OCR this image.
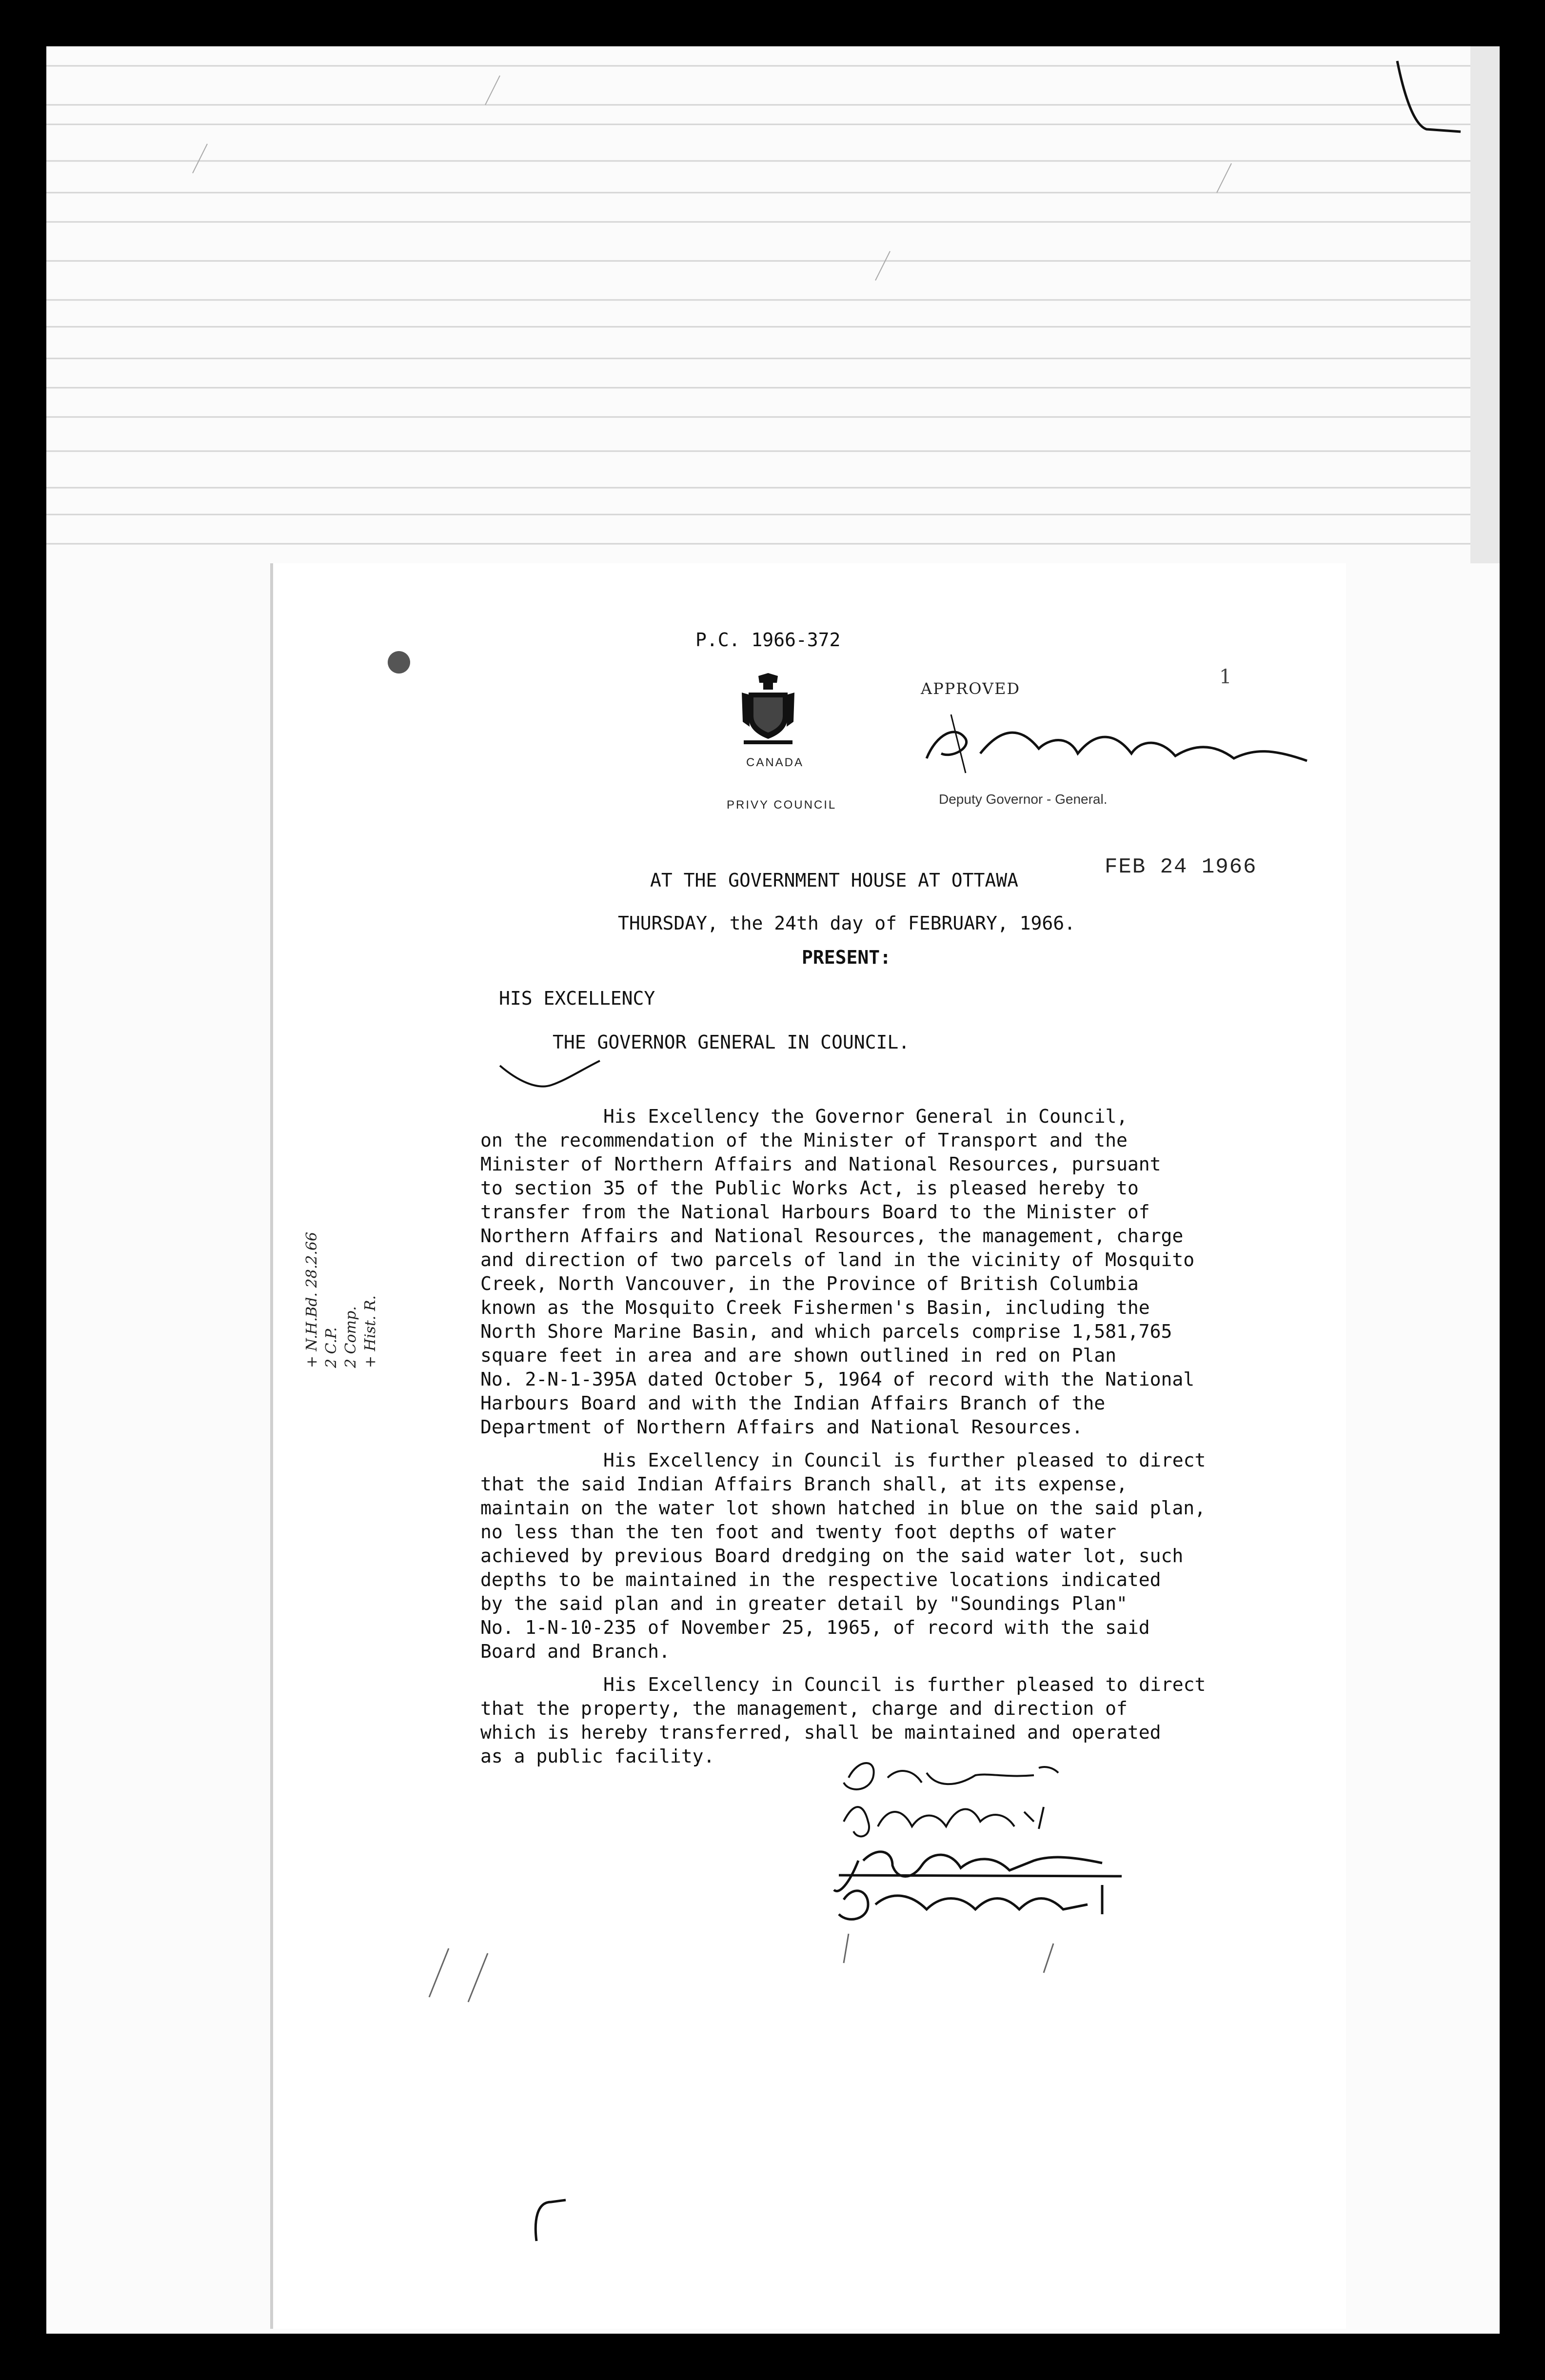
P.C. 1966-372
CANADA
PRIVY COUNCIL
APPROVED
1
Deputy Governor - General.
FEB 24 1966
AT THE GOVERNMENT HOUSE AT OTTAWA
THURSDAY, the 24th day of FEBRUARY, 1966.
PRESENT:
HIS EXCELLENCY
THE GOVERNOR GENERAL IN COUNCIL.
His Excellency the Governor General in Council,
on the recommendation of the Minister of Transport and the
Minister of Northern Affairs and National Resources, pursuant
to section 35 of the Public Works Act, is pleased hereby to
transfer from the National Harbours Board to the Minister of
Northern Affairs and National Resources, the management, charge
and direction of two parcels of land in the vicinity of Mosquito
Creek, North Vancouver, in the Province of British Columbia
known as the Mosquito Creek Fishermen's Basin, including the
North Shore Marine Basin, and which parcels comprise 1,581,765
square feet in area and are shown outlined in red on Plan
No. 2-N-1-395A dated October 5, 1964 of record with the National
Harbours Board and with the Indian Affairs Branch of the
Department of Northern Affairs and National Resources.
His Excellency in Council is further pleased to direct
that the said Indian Affairs Branch shall, at its expense,
maintain on the water lot shown hatched in blue on the said plan,
no less than the ten foot and twenty foot depths of water
achieved by previous Board dredging on the said water lot, such
depths to be maintained in the respective locations indicated
by the said plan and in greater detail by "Soundings Plan"
No. 1-N-10-235 of November 25, 1965, of record with the said
Board and Branch.
His Excellency in Council is further pleased to direct
that the property, the management, charge and direction of
which is hereby transferred, shall be maintained and operated
as a public facility.
+ N.H.Bd. 28.2.66 2 C.P. 2 Comp. + Hist. R.
